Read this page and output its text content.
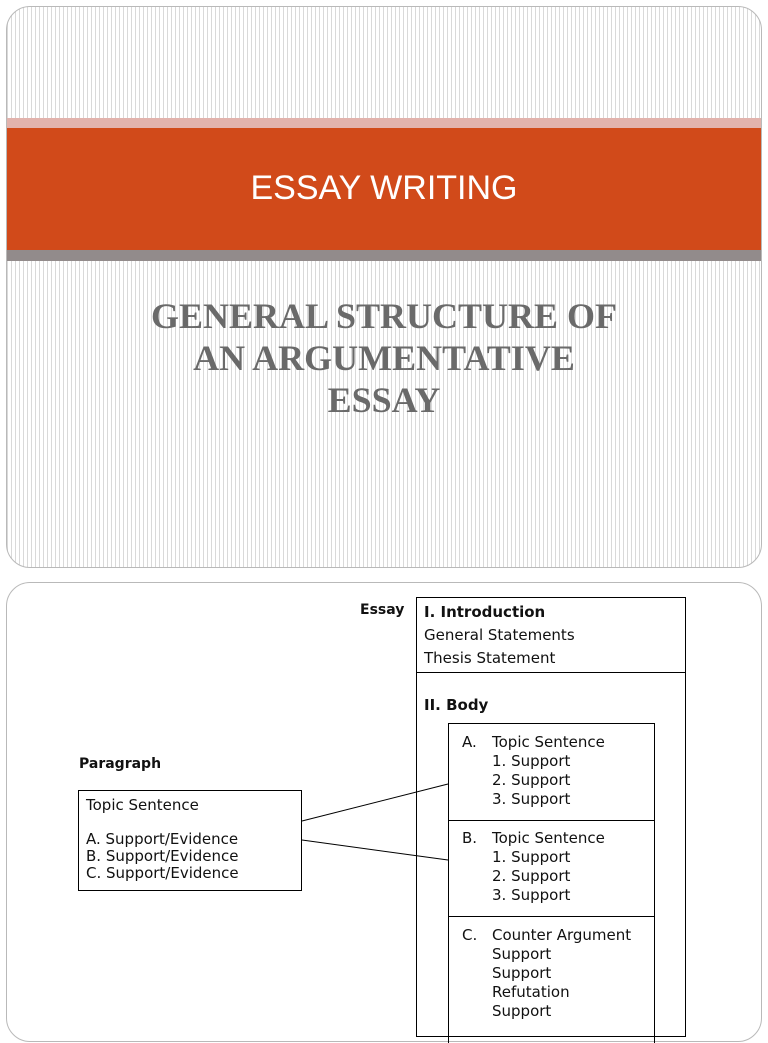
ESSAY WRITING
GENERAL STRUCTURE OF
AN ARGUMENTATIVE
ESSAY
Essay I. Introduction
General Statements
Thesis Statement
II. Body
A. Topic Sentence
1. Support
2. Support
3. Support
B. Topic Sentence
1. Support
2. Support
3. Support
C. Counter Argument
Support
Support
Refutation
Support
Paragraph
Topic Sentence
A. Support/Evidence
B. Support/Evidence
C. Support/Evidence
